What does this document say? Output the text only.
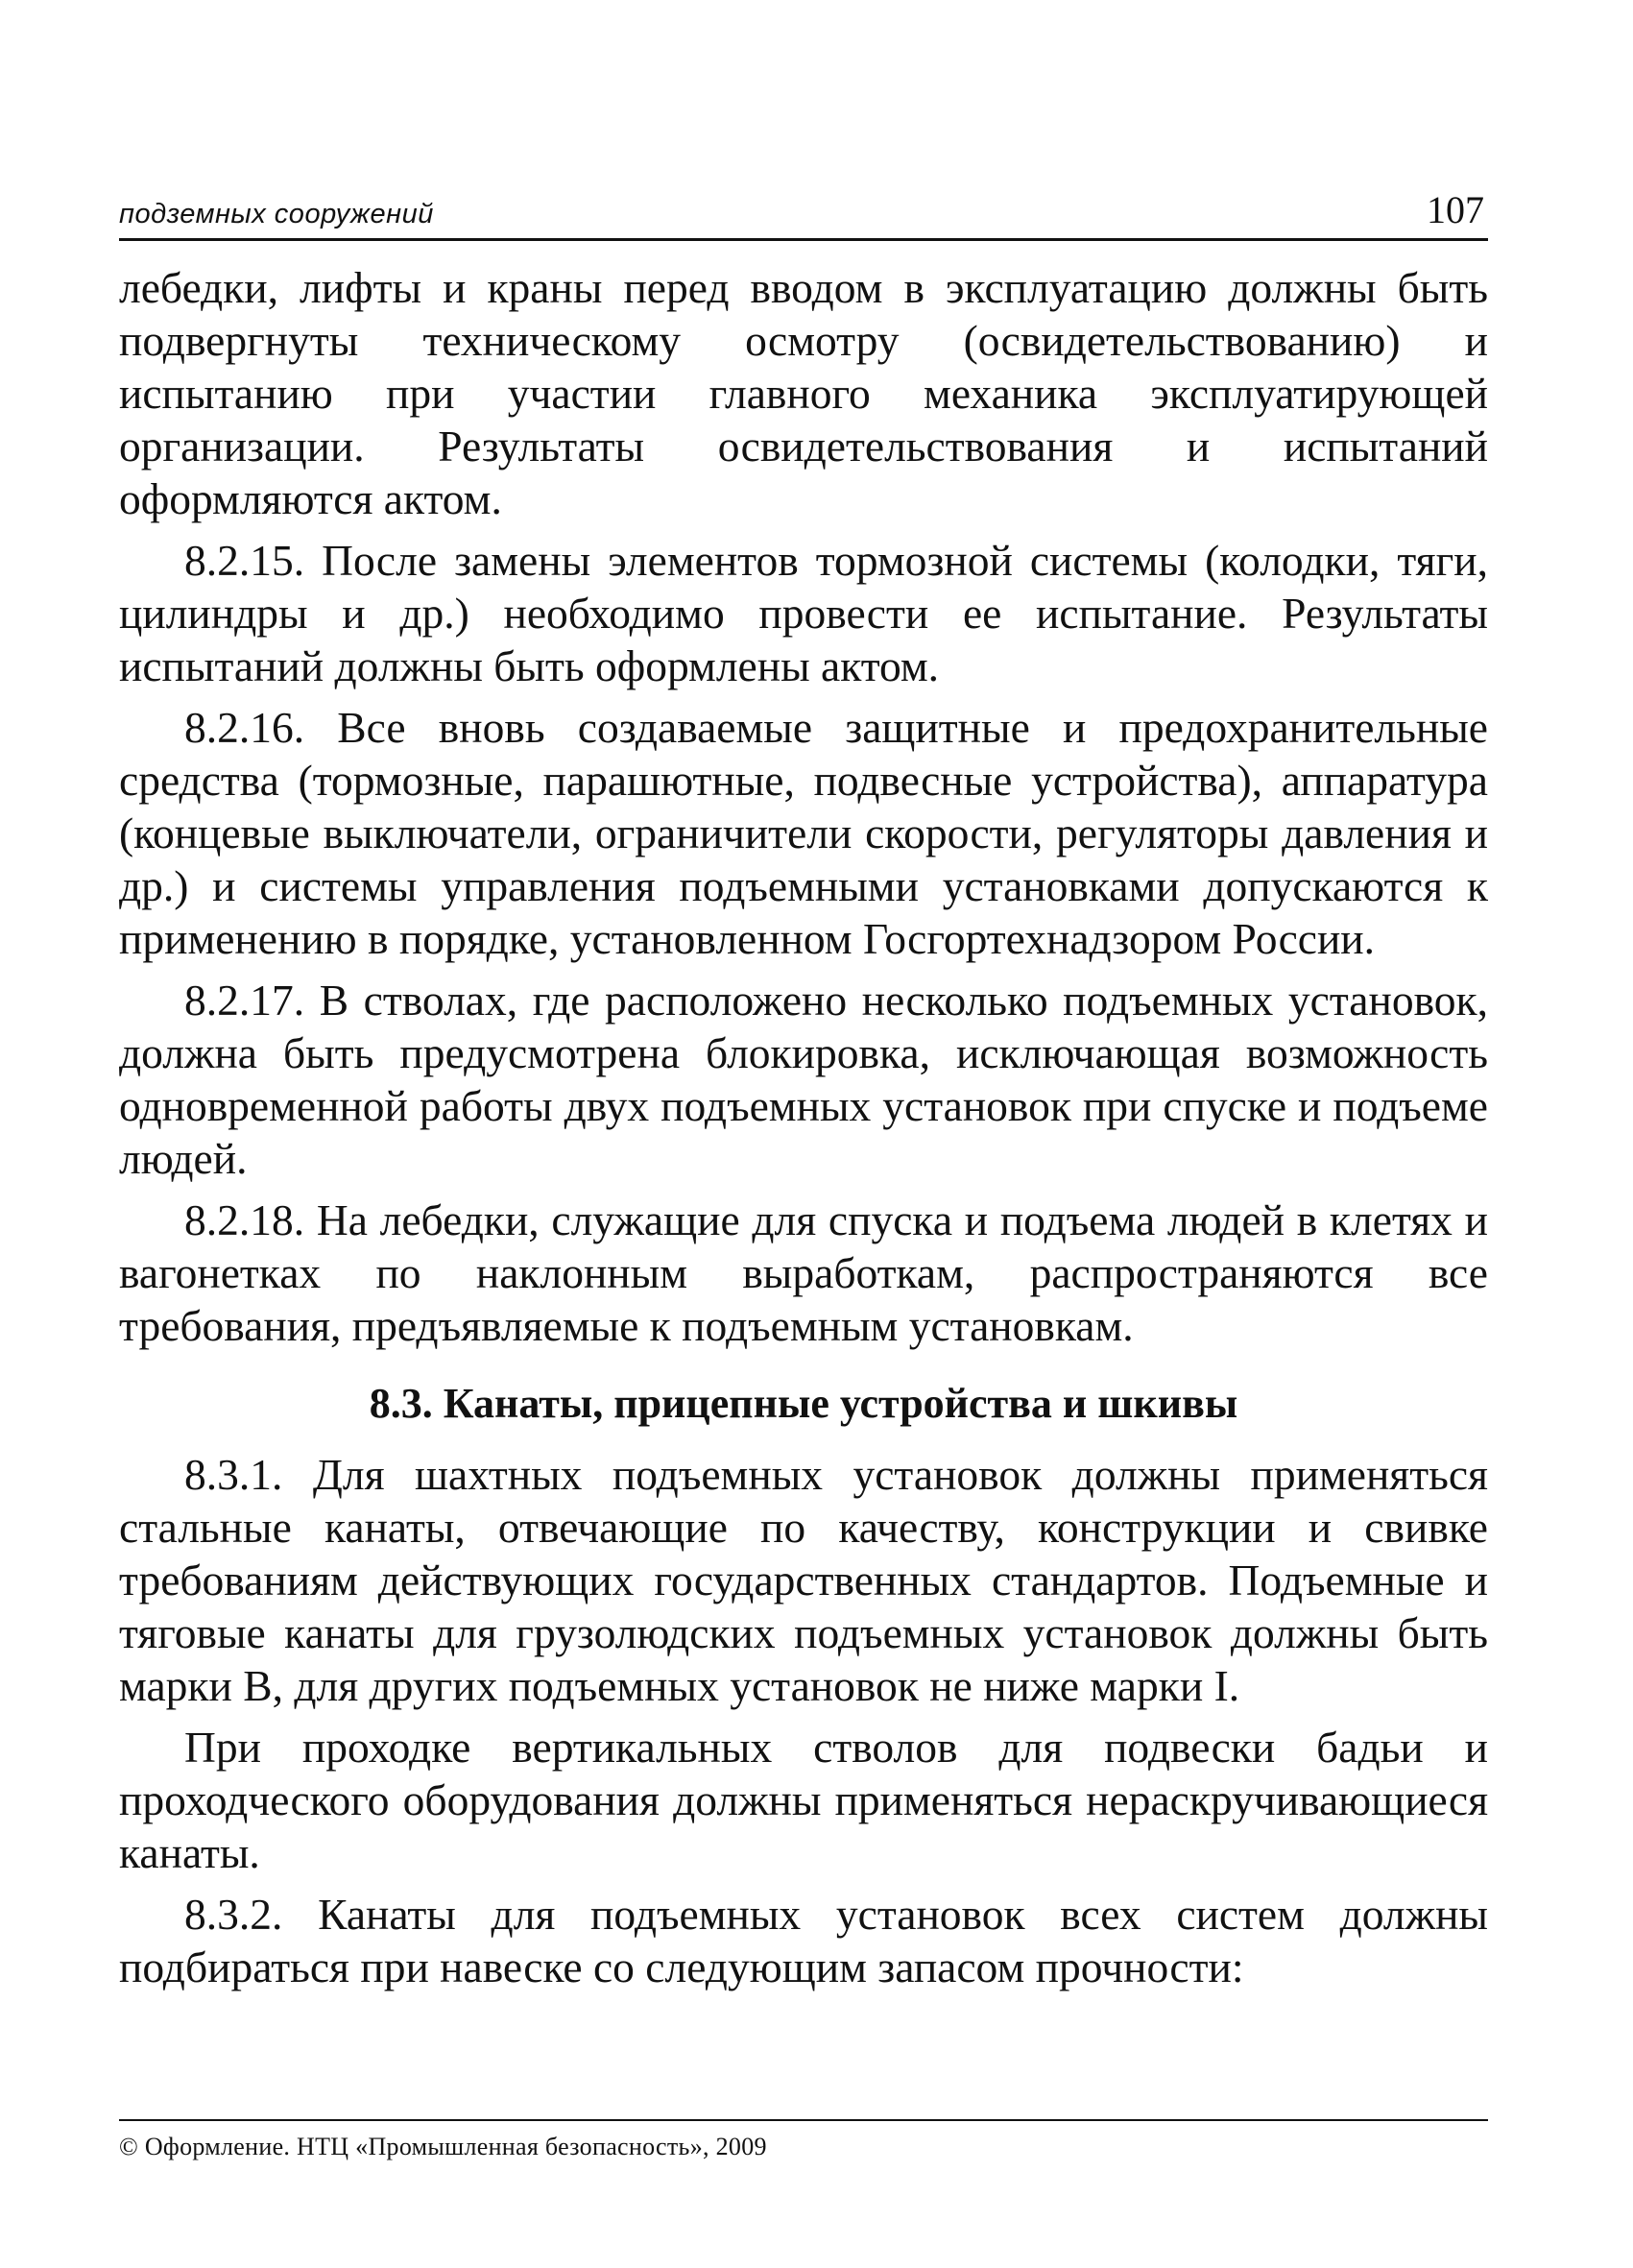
подземных сооружений	107

лебедки, лифты и краны перед вводом в эксплуатацию должны быть подвергнуты техническому осмотру (освидетельствованию) и испытанию при участии главного механика эксплуатирующей организации. Результаты освидетельствования и испытаний оформляются актом.

8.2.15. После замены элементов тормозной системы (колодки, тяги, цилиндры и др.) необходимо провести ее испытание. Результаты испытаний должны быть оформлены актом.

8.2.16. Все вновь создаваемые защитные и предохранительные средства (тормозные, парашютные, подвесные устройства), аппаратура (концевые выключатели, ограничители скорости, регуляторы давления и др.) и системы управления подъемными установками допускаются к применению в порядке, установленном Госгортехнадзором России.

8.2.17. В стволах, где расположено несколько подъемных установок, должна быть предусмотрена блокировка, исключающая возможность одновременной работы двух подъемных установок при спуске и подъеме людей.

8.2.18. На лебедки, служащие для спуска и подъема людей в клетях и вагонетках по наклонным выработкам, распространяются все требования, предъявляемые к подъемным установкам.

8.3. Канаты, прицепные устройства и шкивы

8.3.1. Для шахтных подъемных установок должны применяться стальные канаты, отвечающие по качеству, конструкции и свивке требованиям действующих государственных стандартов. Подъемные и тяговые канаты для грузолюдских подъемных установок должны быть марки В, для других подъемных установок не ниже марки I.

При проходке вертикальных стволов для подвески бадьи и проходческого оборудования должны применяться нераскручивающиеся канаты.

8.3.2. Канаты для подъемных установок всех систем должны подбираться при навеске со следующим запасом прочности:

© Оформление. НТЦ «Промышленная безопасность», 2009
